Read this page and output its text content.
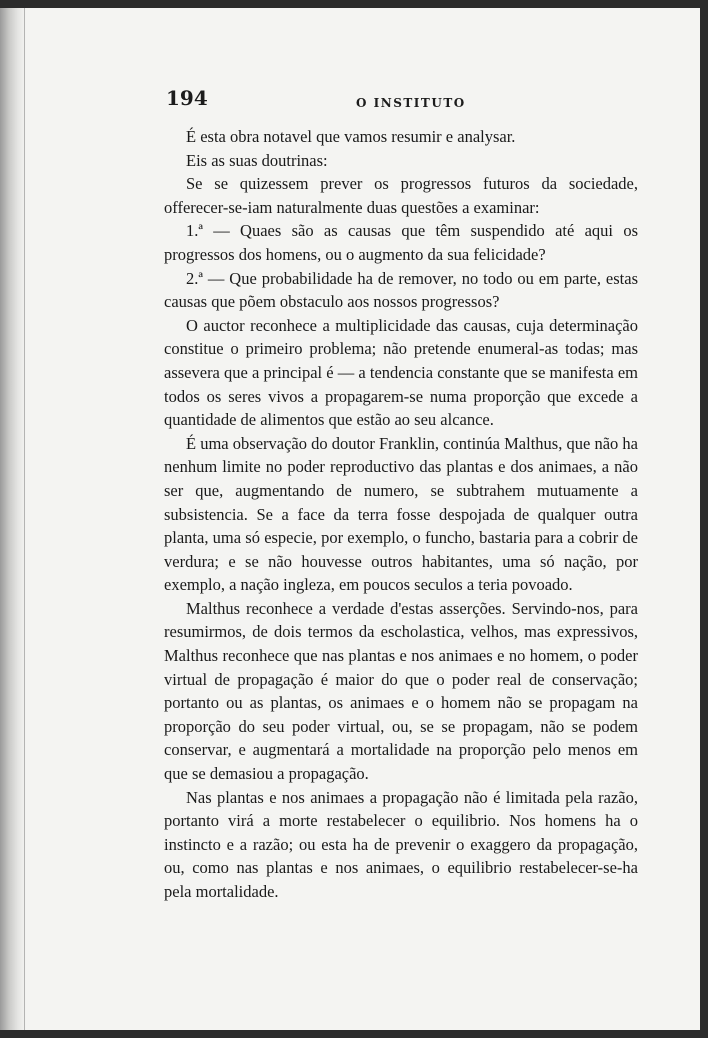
194	O INSTITUTO

É esta obra notavel que vamos resumir e analysar.

Eis as suas doutrinas:

Se se quizessem prever os progressos futuros da sociedade, offerecer-se-iam naturalmente duas questões a examinar:

1.ª — Quaes são as causas que têm suspendido até aqui os progressos dos homens, ou o augmento da sua felicidade?

2.ª — Que probabilidade ha de remover, no todo ou em parte, estas causas que põem obstaculo aos nossos progressos?

O auctor reconhece a multiplicidade das causas, cuja determinação constitue o primeiro problema; não pretende enumeral-as todas; mas assevera que a principal é — a tendencia constante que se manifesta em todos os seres vivos a propagarem-se numa proporção que excede a quantidade de alimentos que estão ao seu alcance.

É uma observação do doutor Franklin, continúa Malthus, que não ha nenhum limite no poder reproductivo das plantas e dos animaes, a não ser que, augmentando de numero, se subtrahem mutuamente a subsistencia. Se a face da terra fosse despojada de qualquer outra planta, uma só especie, por exemplo, o funcho, bastaria para a cobrir de verdura; e se não houvesse outros habitantes, uma só nação, por exemplo, a nação ingleza, em poucos seculos a teria povoado.

Malthus reconhece a verdade d'estas asserções. Servindo-nos, para resumirmos, de dois termos da escholastica, velhos, mas expressivos, Malthus reconhece que nas plantas e nos animaes e no homem, o poder virtual de propagação é maior do que o poder real de conservação; portanto ou as plantas, os animaes e o homem não se propagam na proporção do seu poder virtual, ou, se se propagam, não se podem conservar, e augmentará a mortalidade na proporção pelo menos em que se demasiou a propagação.

Nas plantas e nos animaes a propagação não é limitada pela razão, portanto virá a morte restabelecer o equilibrio. Nos homens ha o instincto e a razão; ou esta ha de prevenir o exaggero da propagação, ou, como nas plantas e nos animaes, o equilibrio restabelecer-se-ha pela mortalidade.
